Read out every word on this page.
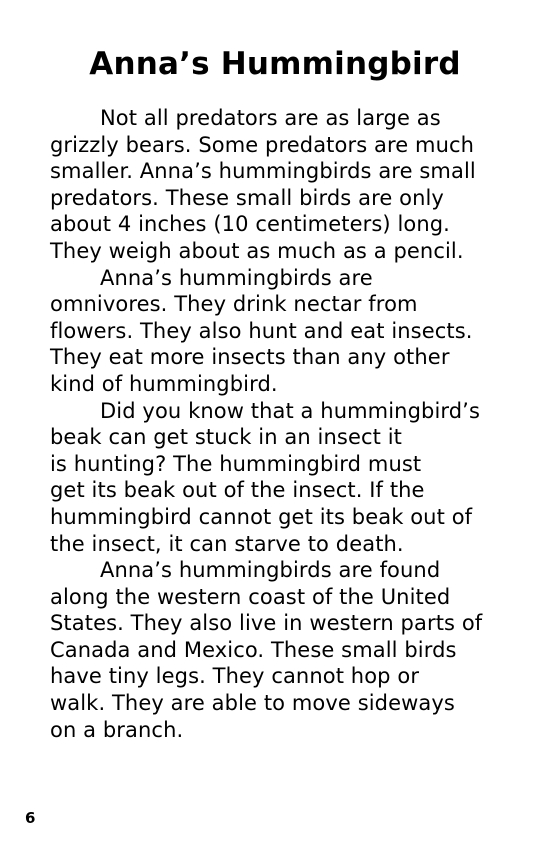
Anna’s Hummingbird
Not all predators are as large as
grizzly bears. Some predators are much
smaller. Anna’s hummingbirds are small
predators. These small birds are only
about 4 inches (10 centimeters) long.
They weigh about as much as a pencil.
Anna’s hummingbirds are
omnivores. They drink nectar from
flowers. They also hunt and eat insects.
They eat more insects than any other
kind of hummingbird.
Did you know that a hummingbird’s
beak can get stuck in an insect it
is hunting? The hummingbird must
get its beak out of the insect. If the
hummingbird cannot get its beak out of
the insect, it can starve to death.
Anna’s hummingbirds are found
along the western coast of the United
States. They also live in western parts of
Canada and Mexico. These small birds
have tiny legs. They cannot hop or
walk. They are able to move sideways
on a branch.
6
